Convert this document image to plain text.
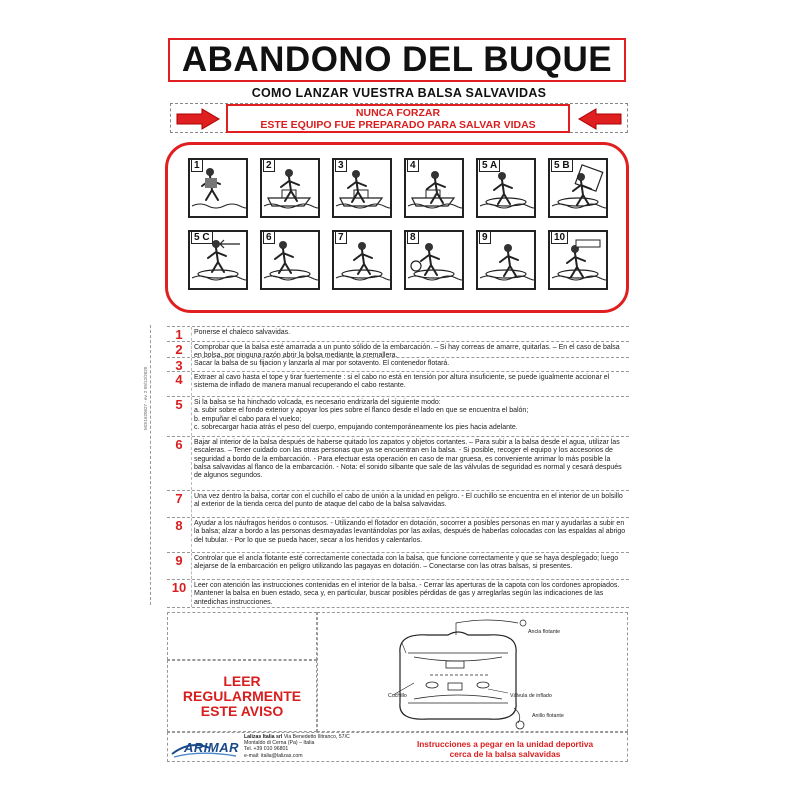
ABANDONO DEL BUQUE
COMO LANZAR VUESTRA BALSA SALVAVIDAS
NUNCA FORZAR
ESTE EQUIPO FUE PREPARADO PARA SALVAR VIDAS
1	2	3	4	5 A	5 B
5 C	6	7	8	9	10
MOI1620627 - ev. 2 09/12/2020
1	Ponerse el chaleco salvavidas.
2	Comprobar que la balsa esté amarrada a un punto sólido de la embarcación. – Si hay correas de amarre, quitarlas. – En el caso de balsa en bolsa, por ninguna razón abrir la bolsa mediante la cremallera.
3	Sacar la balsa de su fijacion y lanzarla al mar por sotavento. El contenedor flotará.
4	Extraer al cavo hasta el tope y tirar fuertemente : si el cabo no está en tensión por altura insuficiente, se puede igualmente accionar el sistema de inflado de manera manual recuperando el cabo restante.
5	Si la balsa se ha hinchado volcada, es necesario endrizarla del siguiente modo:
a. subir sobre el fondo exterior y apoyar los pies sobre el flanco desde el lado en que se encuentra el balón;
b. empuñar el cabo para el vuelco;
c. sobrecargar hacia atrás el peso del cuerpo, empujando contemporáneamente los pies hacia adelante.
6	Bajar al interior de la balsa después de haberse quitado los zapatos y objetos cortantes. – Para subir a la balsa desde el agua, utilizar las escaleras. – Tener cuidado con las otras personas que ya se encuentran en la balsa. - Si posible, recoger el equipo y los accesorios de seguridad a bordo de la embarcación. - Para efectuar esta operación en caso de mar gruesa, es conveniente arrimar lo más posible la balsa salvavidas al flanco de la embarcación. - Nota: el sonido silbante que sale de las válvulas de seguridad es normal y cesará después de algunos segundos.
7	Una vez dentro la balsa, cortar con el cuchillo el cabo de unión a la unidad en peligro. - El cuchillo se encuentra en el interior de un bolsillo al exterior de la tienda cerca del punto de ataque del cabo de la balsa salvavidas.
8	Ayudar a los náufragos heridos o contusos. - Utilizando el flotador en dotación, socorrer a posibles personas en mar y ayudarlas a subir en la balsa; alzar a bordo a las personas desmayadas levantándolas por las axilas, después de haberlas colocadas con las espaldas al abrigo del tubular. - Por lo que se pueda hacer, secar a los heridos y calentarlos.
9	Controlar que el ancla flotante esté correctamente conectada con la balsa, que funcione correctamente y que se haya desplegado; luego alejarse de la embarcación en peligro utilizando las pagayas en dotación. – Conectarse con las otras balsas, si presentes.
10	Leer con atención las instrucciones contenidas en el interior de la balsa. - Cerrar las aperturas de la capota con los cordones apropiados. Mantener la balsa en buen estado, seca y, en particular, buscar posibles pérdidas de gas y arreglarlas según las indicaciones de las antedichas instrucciones.
LEER
REGULARMENTE
ESTE AVISO
Ancla flotante
Cuchillo	Válvula de inflado
Anillo flotante
ARIMAR
Lalizas Italia srl Via Benedetto Ilitranco, 57/C
Montaldo di Cerna (Pa) – Italia
Tel. +39 010 96801
e-mail: italia@lalizas.com
Instrucciones a pegar en la unidad deportiva
cerca de la balsa salvavidas
